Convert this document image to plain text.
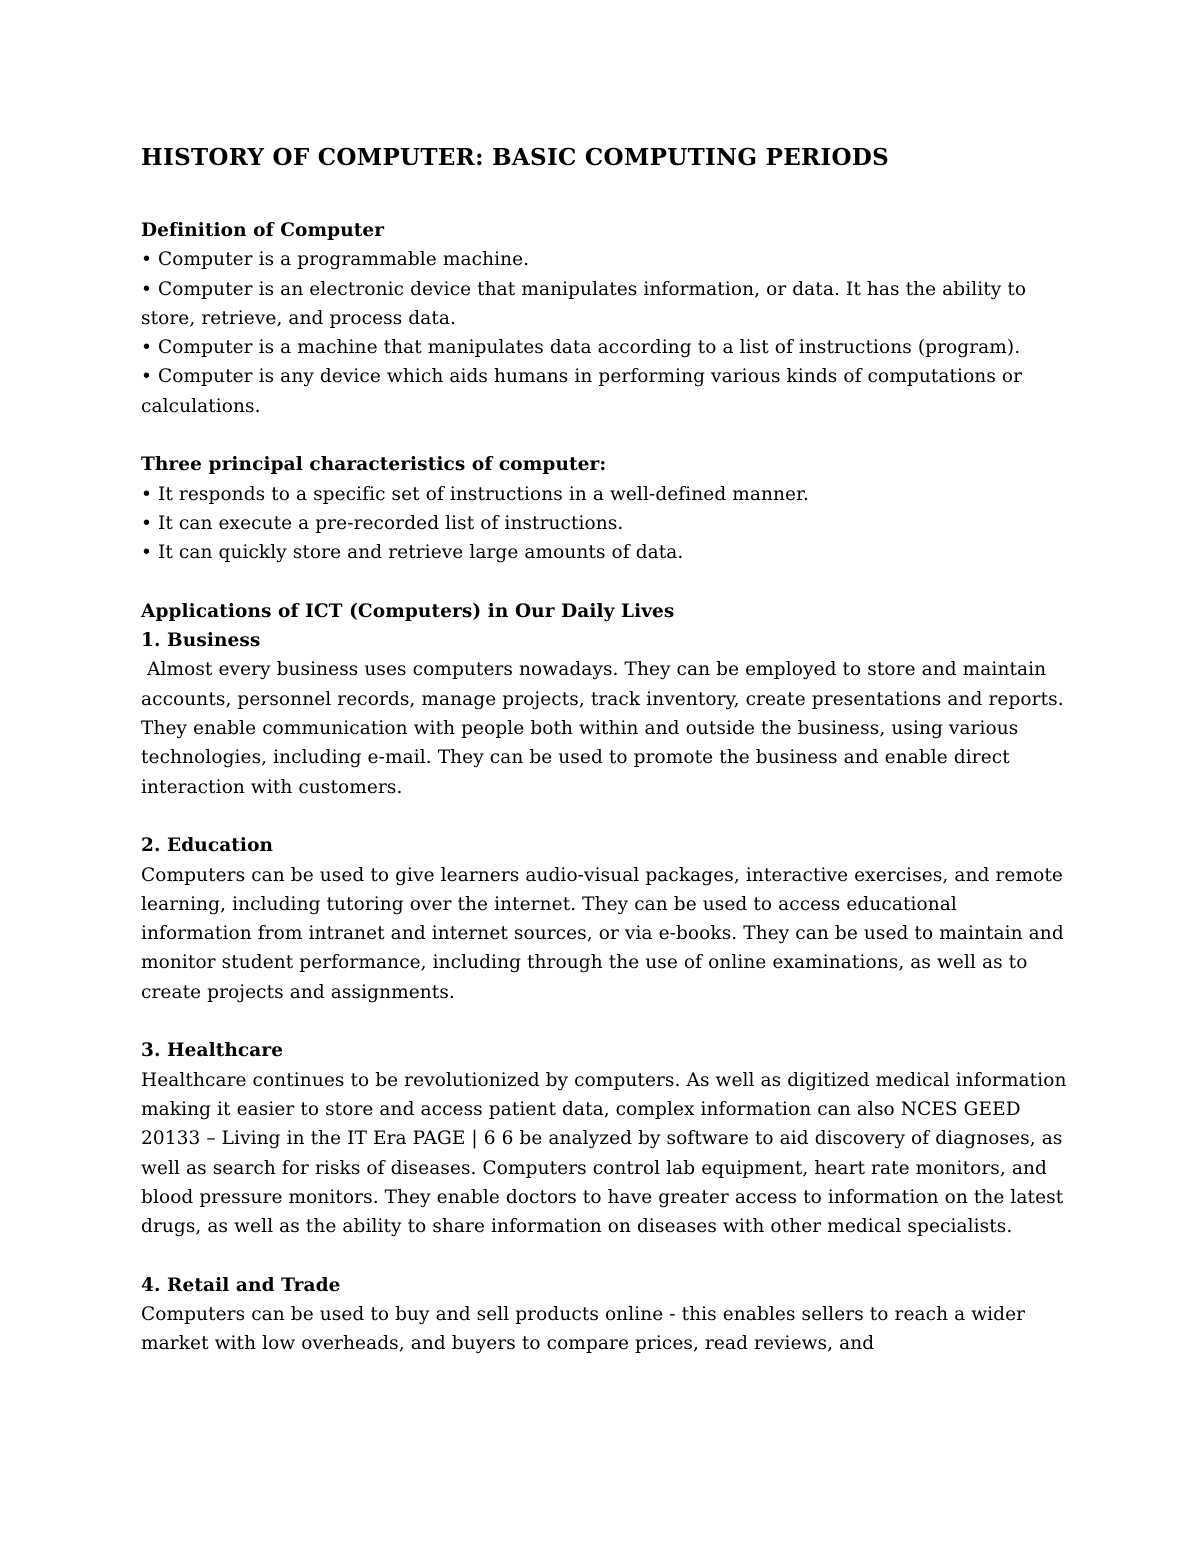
HISTORY OF COMPUTER: BASIC COMPUTING PERIODS

Definition of Computer

• Computer is a programmable machine.

• Computer is an electronic device that manipulates information, or data. It has the ability to store, retrieve, and process data.

• Computer is a machine that manipulates data according to a list of instructions (program).

• Computer is any device which aids humans in performing various kinds of computations or calculations.

Three principal characteristics of computer:

• It responds to a specific set of instructions in a well-defined manner.

• It can execute a pre-recorded list of instructions.

• It can quickly store and retrieve large amounts of data.

Applications of ICT (Computers) in Our Daily Lives

1. Business

Almost every business uses computers nowadays. They can be employed to store and maintain accounts, personnel records, manage projects, track inventory, create presentations and reports. They enable communication with people both within and outside the business, using various technologies, including e-mail. They can be used to promote the business and enable direct interaction with customers.

2. Education

Computers can be used to give learners audio-visual packages, interactive exercises, and remote learning, including tutoring over the internet. They can be used to access educational information from intranet and internet sources, or via e-books. They can be used to maintain and monitor student performance, including through the use of online examinations, as well as to create projects and assignments.

3. Healthcare

Healthcare continues to be revolutionized by computers. As well as digitized medical information making it easier to store and access patient data, complex information can also NCES GEED 20133 – Living in the IT Era PAGE | 6 6 be analyzed by software to aid discovery of diagnoses, as well as search for risks of diseases. Computers control lab equipment, heart rate monitors, and blood pressure monitors. They enable doctors to have greater access to information on the latest drugs, as well as the ability to share information on diseases with other medical specialists.

4. Retail and Trade

Computers can be used to buy and sell products online - this enables sellers to reach a wider market with low overheads, and buyers to compare prices, read reviews, and
